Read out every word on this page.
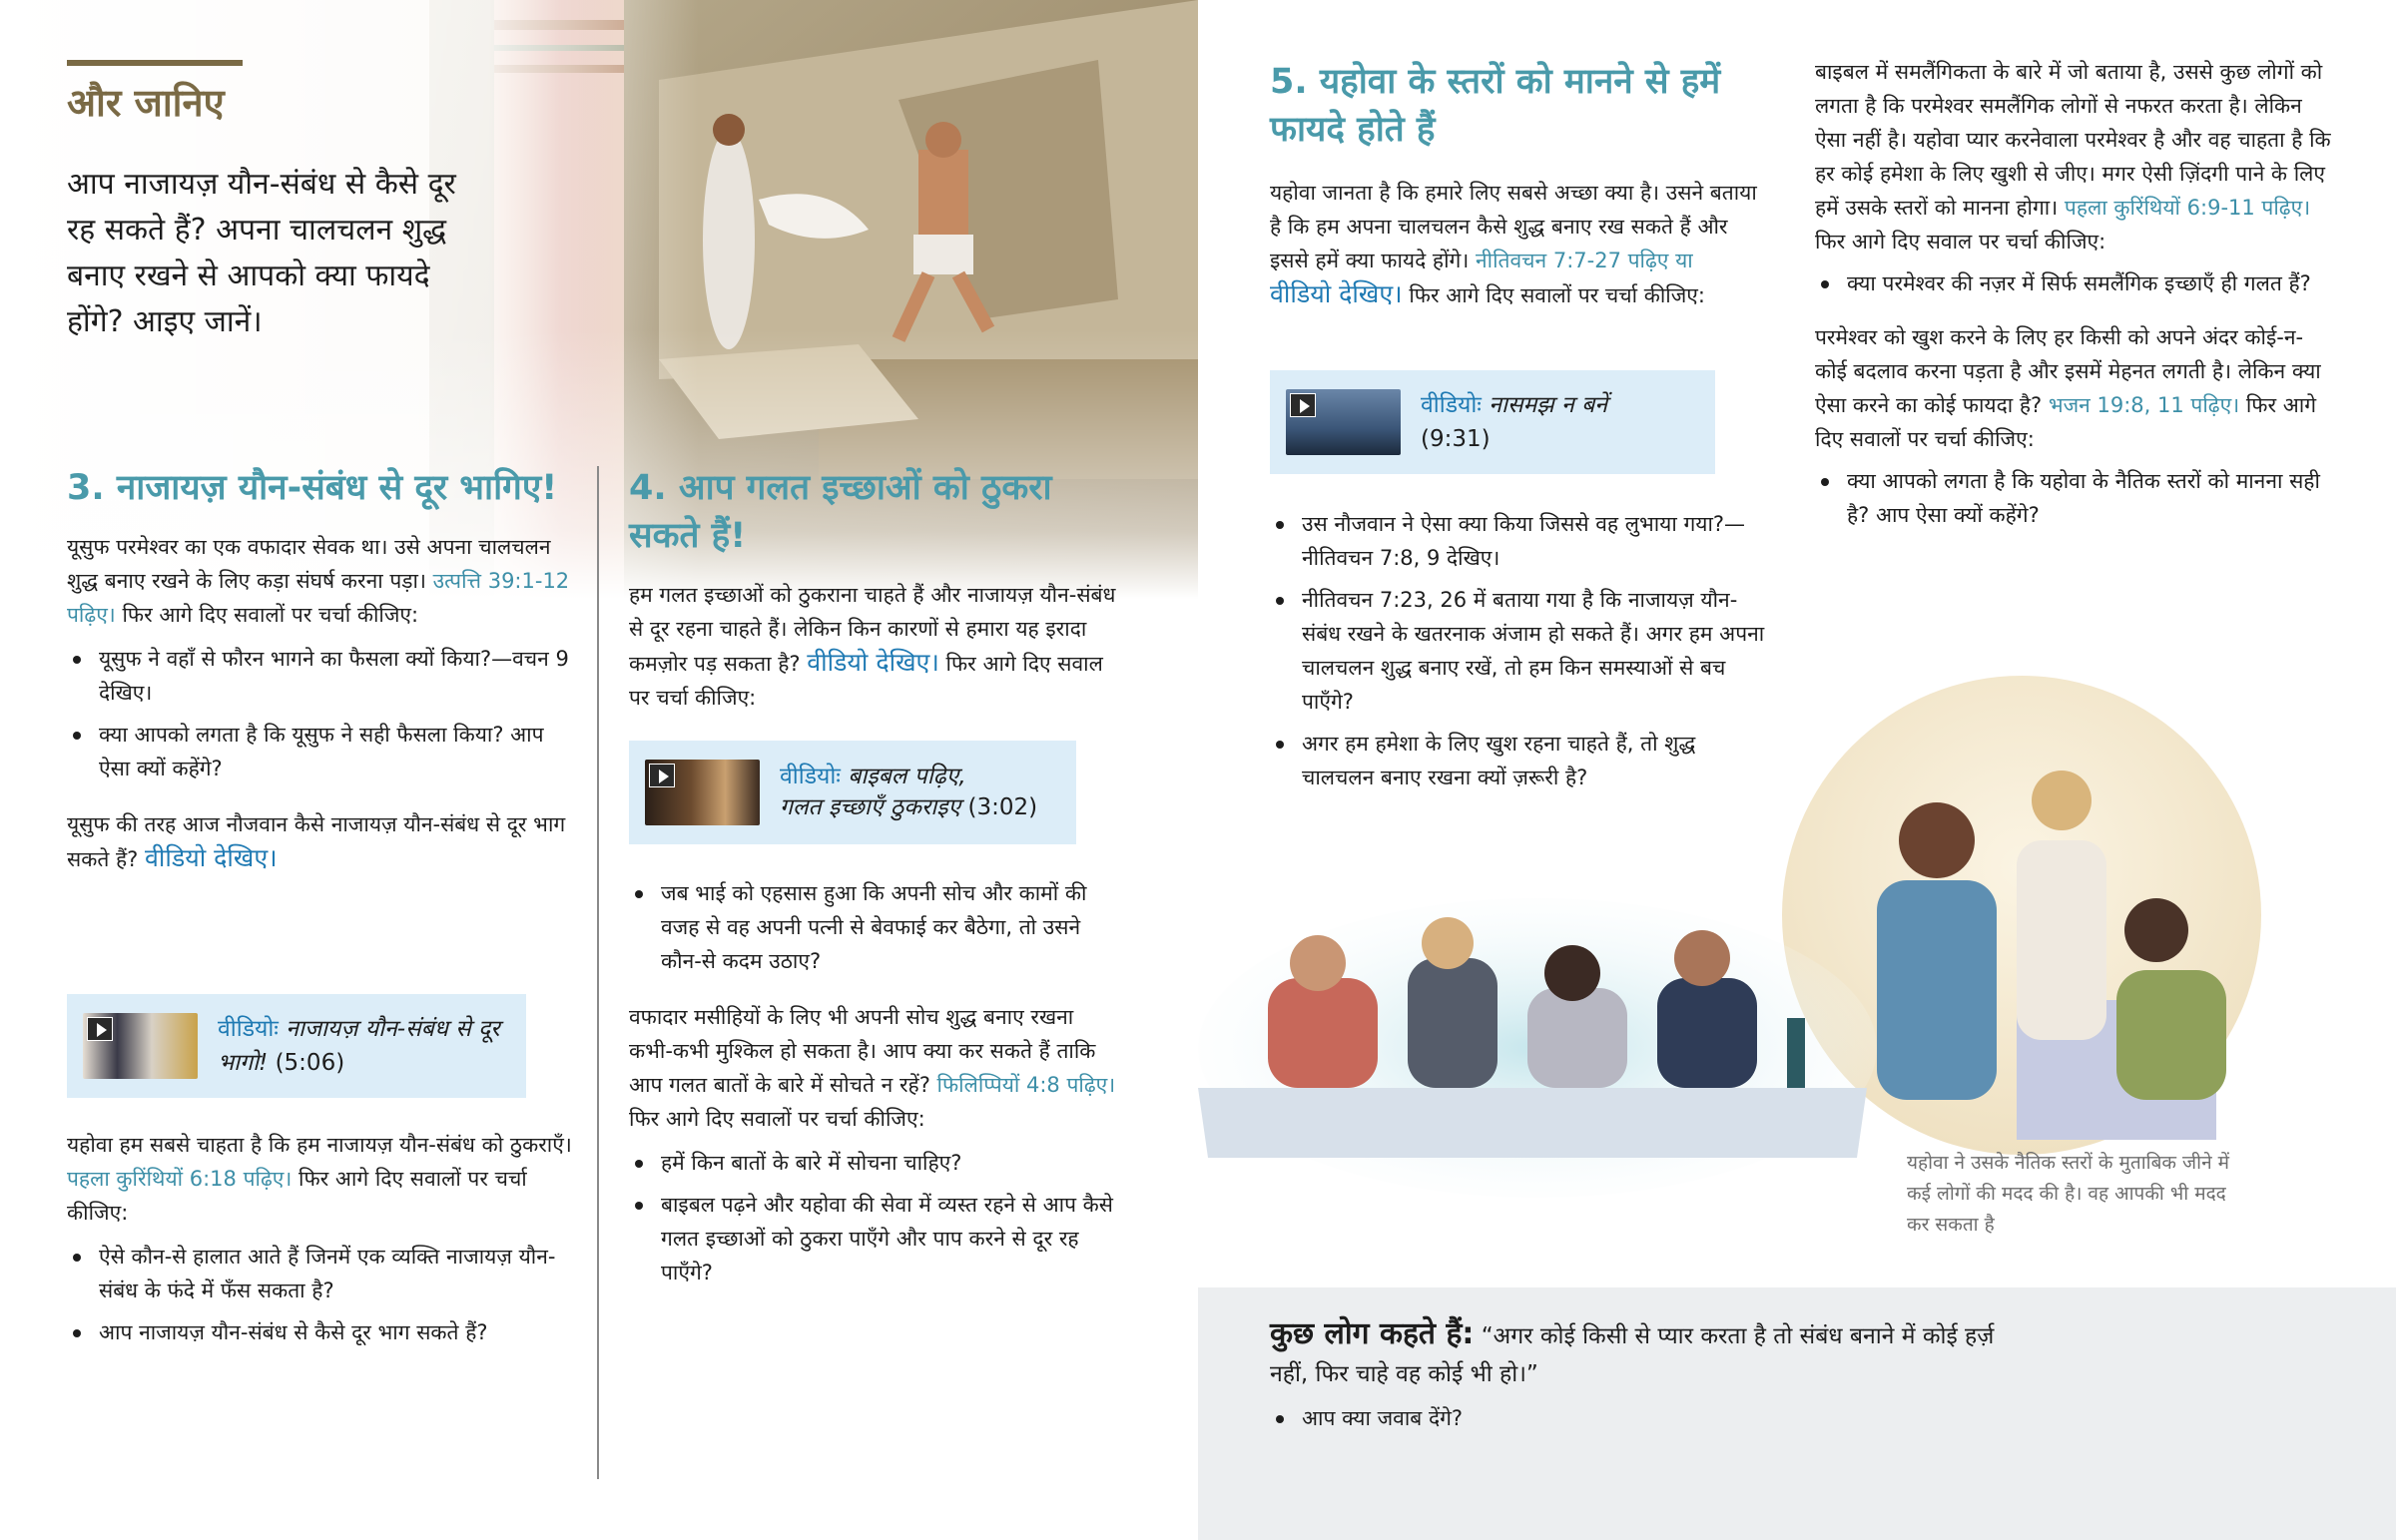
और जानिए
आप नाजायज़ यौन-संबंध से कैसे दूर रह सकते हैं? अपना चालचलन शुद्ध बनाए रखने से आपको क्या फायदे होंगे? आइए जानें।
3. नाजायज़ यौन-संबंध से दूर भागिए!

यूसुफ परमेश्वर का एक वफादार सेवक था। उसे अपना चालचलन शुद्ध बनाए रखने के लिए कड़ा संघर्ष करना पड़ा। उत्पत्ति 39:1-12 पढ़िए। फिर आगे दिए सवालों पर चर्चा कीजिए:

यूसुफ ने वहाँ से फौरन भागने का फैसला क्यों किया?—वचन 9 देखिए।
क्या आपको लगता है कि यूसुफ ने सही फैसला किया? आप ऐसा क्यों कहेंगे?

यूसुफ की तरह आज नौजवान कैसे नाजायज़ यौन-संबंध से दूर भाग सकते हैं? वीडियो देखिए।

वीडियोः नाजायज़ यौन-संबंध से दूर भागो! (5:06)

यहोवा हम सबसे चाहता है कि हम नाजायज़ यौन-संबंध को ठुकराएँ। पहला कुरिंथियों 6:18 पढ़िए। फिर आगे दिए सवालों पर चर्चा कीजिए:

ऐसे कौन-से हालात आते हैं जिनमें एक व्यक्ति नाजायज़ यौन-संबंध के फंदे में फँस सकता है?
आप नाजायज़ यौन-संबंध से कैसे दूर भाग सकते हैं?
4. आप गलत इच्छाओं को ठुकरा सकते हैं!

हम गलत इच्छाओं को ठुकराना चाहते हैं और नाजायज़ यौन-संबंध से दूर रहना चाहते हैं। लेकिन किन कारणों से हमारा यह इरादा कमज़ोर पड़ सकता है? वीडियो देखिए। फिर आगे दिए सवाल पर चर्चा कीजिए:

वीडियोः बाइबल पढ़िए,
गलत इच्छाएँ ठुकराइए (3:02)
जब भाई को एहसास हुआ कि अपनी सोच और कामों की वजह से वह अपनी पत्नी से बेवफाई कर बैठेगा, तो उसने कौन-से कदम उठाए?

वफादार मसीहियों के लिए भी अपनी सोच शुद्ध बनाए रखना कभी-कभी मुश्किल हो सकता है। आप क्या कर सकते हैं ताकि आप गलत बातों के बारे में सोचते न रहें? फिलिप्पियों 4:8 पढ़िए। फिर आगे दिए सवालों पर चर्चा कीजिए:

हमें किन बातों के बारे में सोचना चाहिए?
बाइबल पढ़ने और यहोवा की सेवा में व्यस्त रहने से आप कैसे गलत इच्छाओं को ठुकरा पाएँगे और पाप करने से दूर रह पाएँगे?
5. यहोवा के स्तरों को मानने से हमें फायदे होते हैं

यहोवा जानता है कि हमारे लिए सबसे अच्छा क्या है। उसने बताया है कि हम अपना चालचलन कैसे शुद्ध बनाए रख सकते हैं और इससे हमें क्या फायदे होंगे। नीतिवचन 7:7-27 पढ़िए या वीडियो देखिए। फिर आगे दिए सवालों पर चर्चा कीजिए:

वीडियोः नासमझ न बनें
(9:31)
उस नौजवान ने ऐसा क्या किया जिससे वह लुभाया गया?—नीतिवचन 7:8, 9 देखिए।
नीतिवचन 7:23, 26 में बताया गया है कि नाजायज़ यौन-संबंध रखने के खतरनाक अंजाम हो सकते हैं। अगर हम अपना चालचलन शुद्ध बनाए रखें, तो हम किन समस्याओं से बच पाएँगे?
अगर हम हमेशा के लिए खुश रहना चाहते हैं, तो शुद्ध चालचलन बनाए रखना क्यों ज़रूरी है?

बाइबल में समलैंगिकता के बारे में जो बताया है, उससे कुछ लोगों को लगता है कि परमेश्वर समलैंगिक लोगों से नफरत करता है। लेकिन ऐसा नहीं है। यहोवा प्यार करनेवाला परमेश्वर है और वह चाहता है कि हर कोई हमेशा के लिए खुशी से जीए। मगर ऐसी ज़िंदगी पाने के लिए हमें उसके स्तरों को मानना होगा। पहला कुरिंथियों 6:9-11 पढ़िए। फिर आगे दिए सवाल पर चर्चा कीजिए:

क्या परमेश्वर की नज़र में सिर्फ समलैंगिक इच्छाएँ ही गलत हैं?

परमेश्वर को खुश करने के लिए हर किसी को अपने अंदर कोई-न-कोई बदलाव करना पड़ता है और इसमें मेहनत लगती है। लेकिन क्या ऐसा करने का कोई फायदा है? भजन 19:8, 11 पढ़िए। फिर आगे दिए सवालों पर चर्चा कीजिए:

क्या आपको लगता है कि यहोवा के नैतिक स्तरों को मानना सही है? आप ऐसा क्यों कहेंगे?
यहोवा ने उसके नैतिक स्तरों के मुताबिक जीने में कई लोगों की मदद की है। वह आपकी भी मदद कर सकता है

कुछ लोग कहते हैं: “अगर कोई किसी से प्यार करता है तो संबंध बनाने में कोई हर्ज़ नहीं, फिर चाहे वह कोई भी हो।”

आप क्या जवाब देंगे?
